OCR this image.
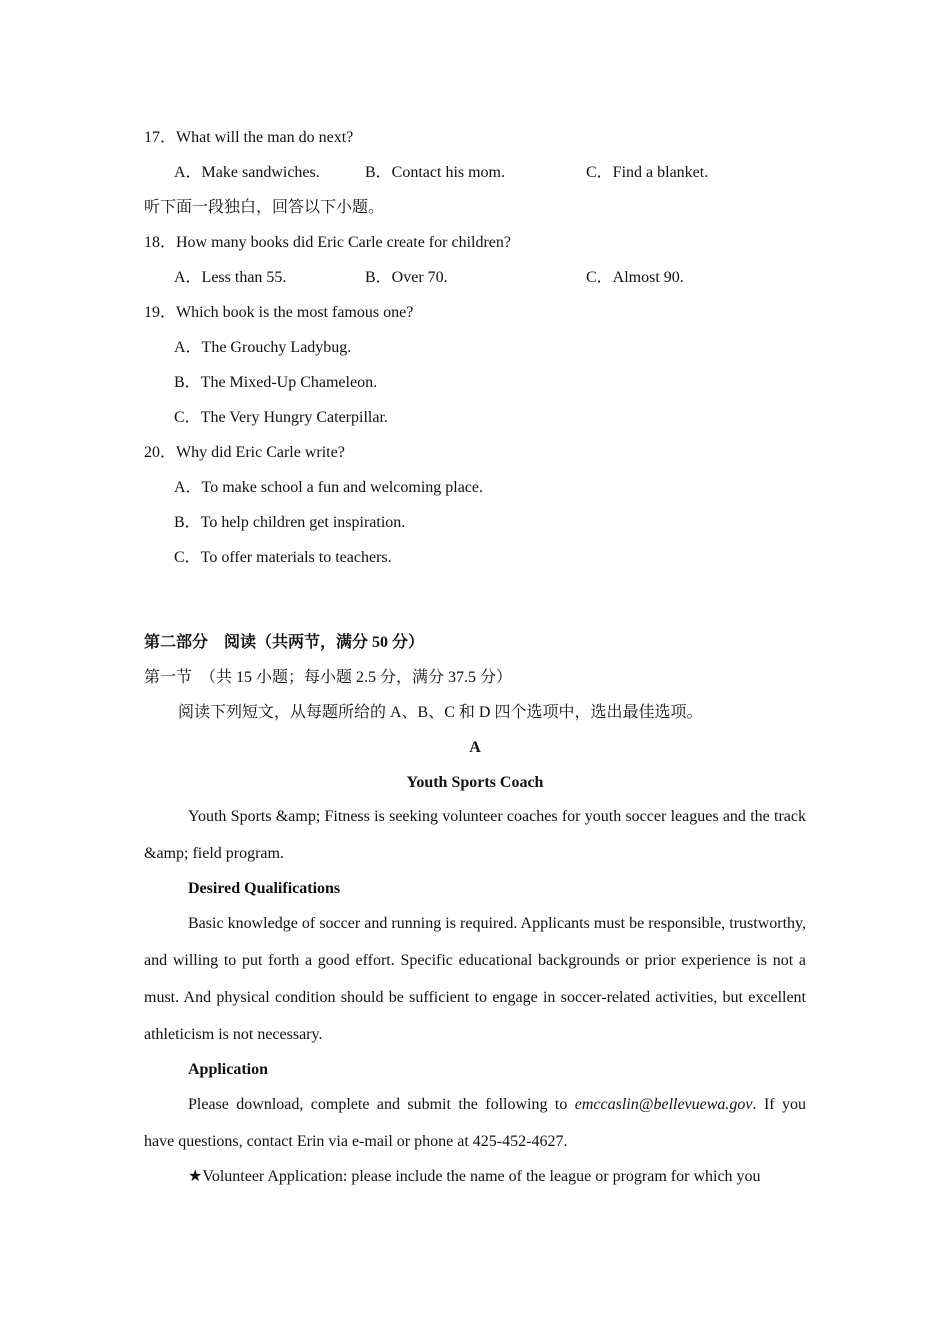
17．What will the man do next?
A．Make sandwiches.	B．Contact his mom.	C．Find a blanket.
听下面一段独白，回答以下小题。
18．How many books did Eric Carle create for children?
A．Less than 55.	B．Over 70.	C．Almost 90.
19．Which book is the most famous one?
A．The Grouchy Ladybug.
B．The Mixed-Up Chameleon.
C．The Very Hungry Caterpillar.
20．Why did Eric Carle write?
A．To make school a fun and welcoming place.
B．To help children get inspiration.
C．To offer materials to teachers.
第二部分　阅读（共两节，满分 50 分）
第一节　（共 15 小题；每小题 2.5 分，满分 37.5 分）
阅读下列短文，从每题所给的 A、B、C 和 D 四个选项中，选出最佳选项。
A
Youth Sports Coach
Youth Sports &amp; Fitness is seeking volunteer coaches for youth soccer leagues and the track &amp; field program.
Desired Qualifications
Basic knowledge of soccer and running is required. Applicants must be responsible, trustworthy, and willing to put forth a good effort. Specific educational backgrounds or prior experience is not a must. And physical condition should be sufficient to engage in soccer-related activities, but excellent athleticism is not necessary.
Application
Please download, complete and submit the following to emccaslin@bellevuewa.gov. If you have questions, contact Erin via e-mail or phone at 425-452-4627.
★Volunteer Application: please include the name of the league or program for which you
